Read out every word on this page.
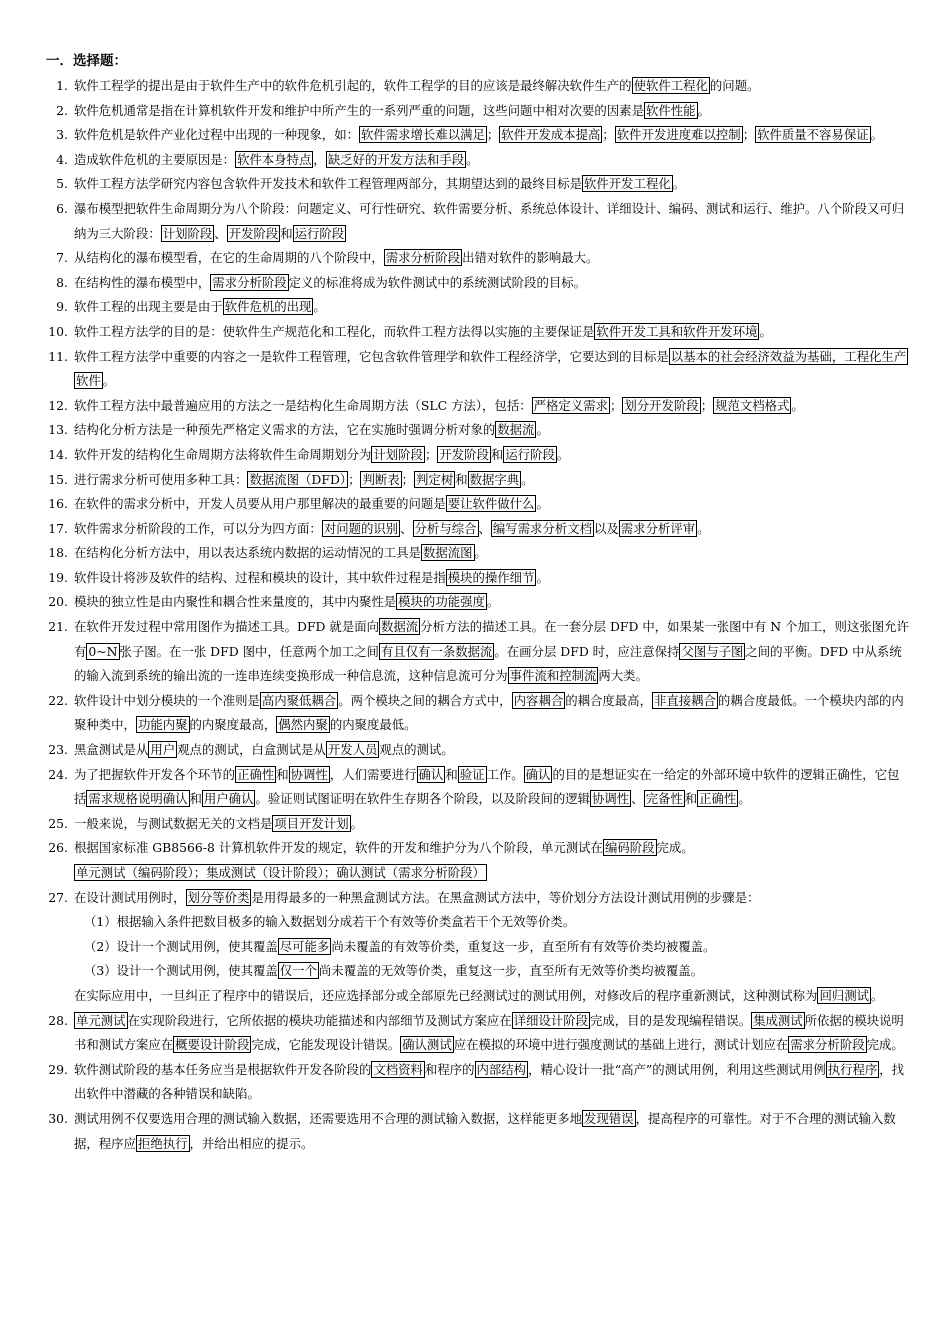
一．选择题：
1. 软件工程学的提出是由于软件生产中的软件危机引起的，软件工程学的目的应该是最终解决软件生产的 使软件工程化 的问题。
2. 软件危机通常是指在计算机软件开发和维护中所产生的一系列严重的问题，这些问题中相对次要的因素是 软件性能 。
3. 软件危机是软件产业化过程中出现的一种现象，如： 软件需求增长难以满足 ； 软件开发成本提高 ； 软件开发进度难以控制 ； 软件质量不容易保证 。
4. 造成软件危机的主要原因是： 软件本身特点 ， 缺乏好的开发方法和手段 。
5. 软件工程方法学研究内容包含软件开发技术和软件工程管理两部分，其期望达到的最终目标是 软件开发工程化 。
6. 瀑布模型把软件生命周期分为八个阶段：问题定义、可行性研究、软件需要分析、系统总体设计、详细设计、编码、测试和运行、维护。八个阶段又可归纳为三大阶段： 计划阶段 、 开发阶段 和 运行阶段
7. 从结构化的瀑布模型看，在它的生命周期的八个阶段中， 需求分析阶段 出错对软件的影响最大。
8. 在结构性的瀑布模型中， 需求分析阶段 定义的标准将成为软件测试中的系统测试阶段的目标。
9. 软件工程的出现主要是由于 软件危机的出现 。
10. 软件工程方法学的目的是：使软件生产规范化和工程化，而软件工程方法得以实施的主要保证是 软件开发工具和软件开发环境 。
11. 软件工程方法学中重要的内容之一是软件工程管理，它包含软件管理学和软件工程经济学，它要达到的目标是 以基本的社会经济效益为基础，工程化生产软件 。
12. 软件工程方法中最普遍应用的方法之一是结构化生命周期方法（SLC 方法），包括： 严格定义需求 ； 划分开发阶段 ； 规范文档格式 。
13. 结构化分析方法是一种预先严格定义需求的方法，它在实施时强调分析对象的 数据流 。
14. 软件开发的结构化生命周期方法将软件生命周期划分为 计划阶段 ； 开发阶段 和 运行阶段 。
15. 进行需求分析可使用多种工具： 数据流图（DFD） ； 判断表 ； 判定树 和 数据字典 。
16. 在软件的需求分析中，开发人员要从用户那里解决的最重要的问题是 要让软件做什么 。
17. 软件需求分析阶段的工作，可以分为四方面： 对问题的识别 、 分析与综合 、 编写需求分析文档 以及 需求分析评审 。
18. 在结构化分析方法中，用以表达系统内数据的运动情况的工具是 数据流图 。
19. 软件设计将涉及软件的结构、过程和模块的设计，其中软件过程是指 模块的操作细节 。
20. 模块的独立性是由内聚性和耦合性来量度的，其中内聚性是 模块的功能强度 。
21. 在软件开发过程中常用图作为描述工具。DFD 就是面向 数据流 分析方法的描述工具。在一套分层 DFD 中，如果某一张图中有 N 个加工，则这张图允许有 0~N 张子图。在一张 DFD 图中，任意两个加工之间 有且仅有一条数据流 。在画分层 DFD 时，应注意保持 父图与子图 之间的平衡。DFD 中从系统的输入流到系统的输出流的一连串连续变换形成一种信息流，这种信息流可分为 事件流和控制流 两大类。
22. 软件设计中划分模块的一个准则是 高内聚低耦合 。两个模块之间的耦合方式中， 内容耦合 的耦合度最高， 非直接耦合 的耦合度最低。一个模块内部的内聚种类中， 功能内聚 的内聚度最高， 偶然内聚 的内聚度最低。
23. 黑盒测试是从 用户 观点的测试，白盒测试是从 开发人员 观点的测试。
24. 为了把握软件开发各个环节的 正确性 和 协调性 ，人们需要进行 确认 和 验证 工作。 确认 的目的是想证实在一给定的外部环境中软件的逻辑正确性，它包括 需求规格说明确认 和 用户确认 。验证则试图证明在软件生存期各个阶段，以及阶段间的逻辑 协调性 、 完备性 和 正确性 。
25. 一般来说，与测试数据无关的文档是 项目开发计划 。
26. 根据国家标准 GB8566-8 计算机软件开发的规定，软件的开发和维护分为八个阶段，单元测试在 编码阶段 完成。
单元测试（编码阶段）；集成测试（设计阶段）；确认测试（需求分析阶段）
27. 在设计测试用例时， 划分等价类 是用得最多的一种黑盒测试方法。在黑盒测试方法中，等价划分方法设计测试用例的步骤是：
（1）根据输入条件把数目极多的输入数据划分成若干个有效等价类盒若干个无效等价类。
（2）设计一个测试用例，使其覆盖 尽可能多 尚未覆盖的有效等价类，重复这一步，直至所有有效等价类均被覆盖。
（3）设计一个测试用例，使其覆盖 仅一个 尚未覆盖的无效等价类，重复这一步，直至所有无效等价类均被覆盖。
在实际应用中，一旦纠正了程序中的错误后，还应选择部分或全部原先已经测试过的测试用例，对修改后的程序重新测试，这种测试称为 回归测试 。
28. 单元测试 在实现阶段进行，它所依据的模块功能描述和内部细节及测试方案应在 详细设计阶段 完成，目的是发现编程错误。 集成测试 所依据的模块说明书和测试方案应在 概要设计阶段 完成，它能发现设计错误。 确认测试 应在模拟的环境中进行强度测试的基础上进行，测试计划应在 需求分析阶段 完成。
29. 软件测试阶段的基本任务应当是根据软件开发各阶段的 文档资料 和程序的 内部结构 ，精心设计一批“高产”的测试用例，利用这些测试用例 执行程序 ，找出软件中潜藏的各种错误和缺陷。
30. 测试用例不仅要选用合理的测试输入数据，还需要选用不合理的测试输入数据，这样能更多地 发现错误 ，提高程序的可靠性。对于不合理的测试输入数据，程序应 拒绝执行 ，并给出相应的提示。
